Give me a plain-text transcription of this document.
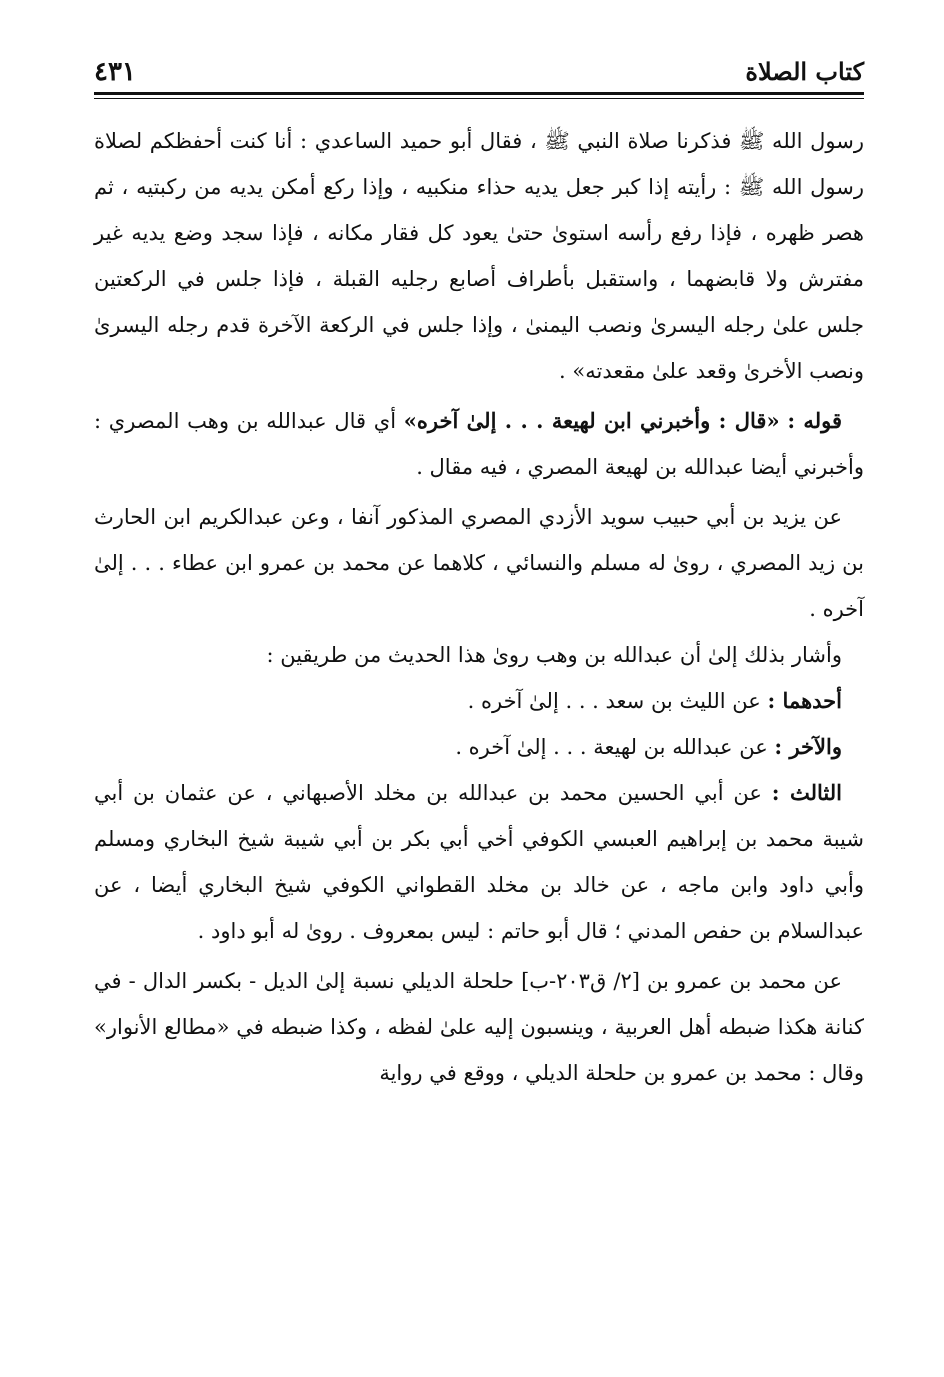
كتاب الصلاة
٤٣١

رسول الله ﷺ فذكرنا صلاة النبي ﷺ ، فقال أبو حميد الساعدي : أنا كنت أحفظكم لصلاة رسول الله ﷺ : رأيته إذا كبر جعل يديه حذاء منكبيه ، وإذا ركع أمكن يديه من ركبتيه ، ثم هصر ظهره ، فإذا رفع رأسه استوىٰ حتىٰ يعود كل فقار مكانه ، فإذا سجد وضع يديه غير مفترش ولا قابضهما ، واستقبل بأطراف أصابع رجليه القبلة ، فإذا جلس في الركعتين جلس علىٰ رجله اليسرىٰ ونصب اليمنىٰ ، وإذا جلس في الركعة الآخرة قدم رجله اليسرىٰ ونصب الأخرىٰ وقعد علىٰ مقعدته» .

قوله : «قال : وأخبرني ابن لهيعة . . . إلىٰ آخره» أي قال عبدالله بن وهب المصري : وأخبرني أيضا عبدالله بن لهيعة المصري ، فيه مقال .

عن يزيد بن أبي حبيب سويد الأزدي المصري المذكور آنفا ، وعن عبدالكريم ابن الحارث بن زيد المصري ، روىٰ له مسلم والنسائي ، كلاهما عن محمد بن عمرو ابن عطاء . . . إلىٰ آخره .

وأشار بذلك إلىٰ أن عبدالله بن وهب روىٰ هذا الحديث من طريقين :

أحدهما : عن الليث بن سعد . . . إلىٰ آخره .

والآخر : عن عبدالله بن لهيعة . . . إلىٰ آخره .

الثالث : عن أبي الحسين محمد بن عبدالله بن مخلد الأصبهاني ، عن عثمان بن أبي شيبة محمد بن إبراهيم العبسي الكوفي أخي أبي بكر بن أبي شيبة شيخ البخاري ومسلم وأبي داود وابن ماجه ، عن خالد بن مخلد القطواني الكوفي شيخ البخاري أيضا ، عن عبدالسلام بن حفص المدني ؛ قال أبو حاتم : ليس بمعروف . روىٰ له أبو داود .

عن محمد بن عمرو بن [٢/ ق٢٠٣-ب] حلحلة الديلي نسبة إلىٰ الديل - بكسر الدال - في كنانة هكذا ضبطه أهل العربية ، وينسبون إليه علىٰ لفظه ، وكذا ضبطه في «مطالع الأنوار» وقال : محمد بن عمرو بن حلحلة الديلي ، ووقع في رواية
